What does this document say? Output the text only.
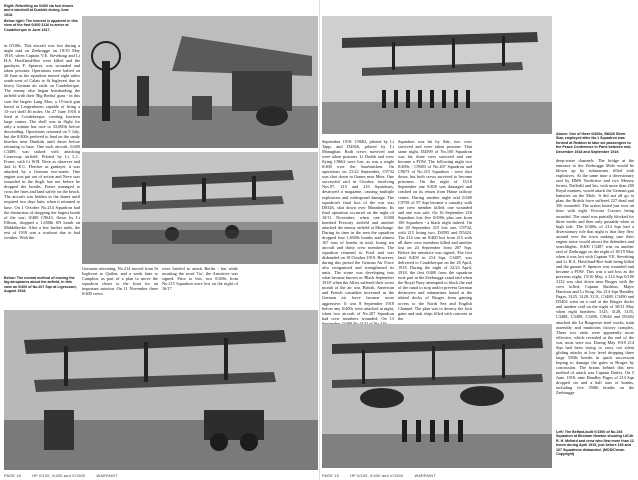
Right: Refuelling an 0/400 via fuel drums and a windmill at Dunkirk during June 1918.
Below right: The interest is apparent in this view of the first 0/400 3116 to arrive at Coudekerque in June 1917.

in 0/100s. This aircraft was lost during a night raid on Zeebrugge on 18/19 May 1918, when Captain V.E. Sieveking and Lt H.A. Havilland-Roe were killed and the gunlayer, F. Spencer, was wounded and taken prisoner. Operations were halted on 26 June as the squadron moved eight miles south-west of Calais to St Inglevert due to heavy German air raids on Coudekerque. The enemy also began bombarding the airfield with their 'Big Bertha' guns - in this case the largest Lang Max, a 15-inch gun based at Leugenboom capable of firing a 15-cwt shell 46 miles. On 27 June 1918 it fired at Coudekerque, creating fourteen large craters. The shell was in flight for only a minute but rose to 33,000ft before descending. Operations resumed on 5 July, but the 0/400s prefered to land on the sandy beaches near Dunkirk until dawn before returning to base. One such aircraft, 0/400 C3489, was tasked with attacking Coutrecap airfield. Piloted by Lt L.C. Fraser, with Lt W.H. Neve as observer and 2nd Lt E.C. Fletcher as gunlayer, it was attacked by a German two-seater. One engine was put out of action and Neve was wounded in the thigh, but not before he dropped the bombs. Fraser managed to cross the lines and land safely on the beach. The aircraft was hidden in the dunes until required two days later, when it returned to base. On 1 October No.214 Squadron had the distinction of dropping the largest bomb of the war; 0/400 C9643, flown by Lt Ellison, dropped a 1,650lb SN bomb on Middelkerke. After a few further raids, the rest of 1918 was a washout due to bad weather. With the

Below: The normal method of moving the big aeroplanes about the airfield, in this case an 0/400 of No.207 Sqn at Ligescourt, August 1918.

Germans retreating, No.214 moved from St Inglevert to Quilen, and a week later to Camphin, as part of a plan to move the squadron closer to the front for an important mission. On 11 November three 0/400 crews

were briefed to attack Berlin - but while awaiting the word 'Go', the Armistice was signed. Prior to this, two 0/400s from No.215 Squadron were lost on the night of 16/17

PAGE 18	HP 0/100, 0/400 and V/1500	WARPAINT
Above: One of three 0/400s, B8326 Silver Star, employed after No.1 Squadron was formed at Reddon to take six passengers to the Peace Conference in Paris between mid-December 1918 and September 1919.

September 1918: C9682, piloted by Lt Tapp, and D4566, piloted by Lt Monaghan. Both crews survived and were taken prisoner. Lt Dodds and crew flying C9662 were lost, as was a single 0/400 over the Saarbrücken. On operations on 21/22 September, C9732 was shot down in flames near Metz. One successful raid in October, involving Nos.97, 215 and 216 Squadrons, destroyed a magazine, causing multiple explosions and widespread damage. The squadron's final loss of the war was D8326, shot down over Mannheim. Its final operation occurred on the night of 10/11 November, when one 0/400 bombed Frescaty airfield and another attacked the enemy airfield at Morhange. During its time in the area the squadron dropped four 1,650lb bombs and almost 167 tons of bombs in total, losing ten aircraft and thirty crew members. The squadron returned to Ford and was disbanded on 18 October 1919. However, during this period the German Air Force also reorganised and strengthened its units. The scene was developing into what became known as 'Black September 1918' when the Allies suffered their worst month of the air war. British, American and French casualties increased as the German air force became more aggressive. It was 8 September 1918 before any 0/400s were attacked at night, when two aircraft of No.207 Squadron had crew members wounded. On 13

Squadron was hit by flak; two crew survived and were taken prisoner. That same night, D4590 of No.100 Squadron was hit; three crew survived and one became a POW. The following night two 0/400s - C9683 of No.207 Squadron and C9673 of No.215 Squadron - were shot down, but both crews survived to become prisoners. On the night of 15/16 September one 0/400 was damaged and crashed on its return from Haine railway centre. During another night raid 0/400 C9758 of 97 Sqn became a casualty with one crew member killed, one wounded and one was safe. On 16 September 216 Squadron lost five 0/400s plus one from 100 Squadron - a black night indeed. On the 20 September 215 lost one, C9732, with 215 losing two, D4595 and D5424. The 214 saw an 0/400 lost from 215 with all three crew members killed and another lost on 24 September from 207 Sqn. Before the armistice was signed, The first fatal 0/400 in 214 Sqn, C3487, was delivered to Coudekerque on the 20 April, 1918. During the night of 22/23 April, 1918, the first 0/400 from the squadron took part in the Zeebrugge canal raid when the Royal Navy attempted to block the end of the canal to stop and/or prevent German destroyers and submarines based at the inland docks of Bruges from gaining access to the North Sea and English Channel. The plan was to destroy the lock gates and sink ships filled with concrete in the

deep-water channels. The bridge at the entrance to the Zeebrugge Mole would be blown up by submarines filled with explosives. At the same time a diversionary raid by HMS Vindictive and two Mersey ferries, Daffodil and Iris, with more than 200 Royal marines, would attack the German gun batteries on the Mole. It did not all go to plan; the British force suffered 227 dead and 356 wounded. The action lasted just over an hour with eight Victoria Crosses being awarded. The canal was partially blocked for three weeks and then only passable when at high tide. The 0/400s of 214 Sqn had a diversionary role that night is that they flew around over the town making sure their engine noise would attract the defenders and searchlights. 0/400 C3487 was on another raid of Zeebrugge on the night of 18/19 May when it was lost with Captain V.E. Sieveking and Lt H.A. Havilland-Roe both being killed and the gunner F. Spencer was wounded and became a POW. This was a sad loss as the previous night, 15/16 May, a 214 Sqn 0/100 3132 was shot down near Bruges with the crew killed, Captain Rushton, Major Harrison and Lt King. Six 214 Sqn Handley Pages, 3125, 3128, 3131, C3488, C3490 and D5402 went on a raid at the Bruges docks and another raid on the night of 30/31 May when eight bombers; 3125, 3128, 3135, C3488, C3489, C3490, C9644 and D5402 attacked the La Brugeoise steel works, train assembly and munitions factory complex. These two raids were apparently more effective, which revealed at the end of the war, most were not. During May 1918 214 Sqn had been trying to carry out silent gliding attacks at low level dropping three large 550lb bombs in quick succession hoping to damage the gates at Bruges by concussion. The brains behind this new method of attack was Captain Darley. On 5 June, 1918, nine Handley Pages of 214 Sqn dropped six and a half tons of bombs, including five 550lb bombs on the Zeebrugge

Left: The Belfast-built V/1500 of No.166 Squadron at Bircham Newton showing Lt/Cdr R. H. Mellard and crew who flew more than 12 hours during April 1919, just before 166 and 167 Squadrons disbanded. (MOD/Crown Copyright)
PAGE 19	HP 0/100, 0/400 and V/1500	WARPAINT
